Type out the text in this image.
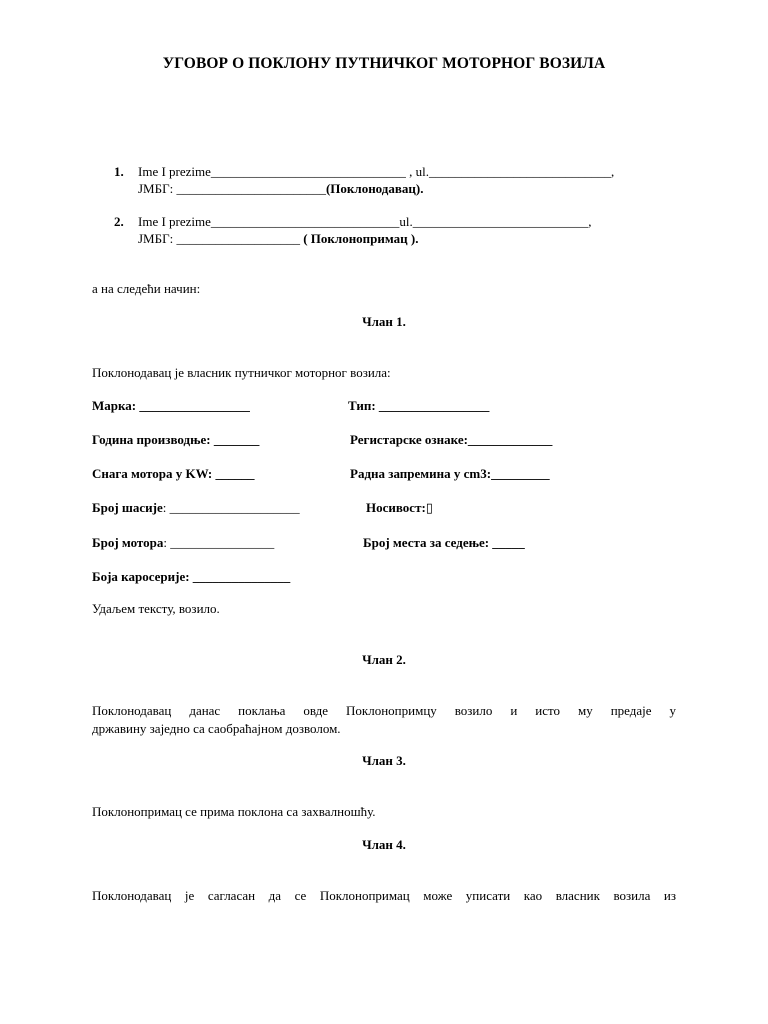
УГОВОР О ПОКЛОНУ ПУТНИЧКОГ МОТОРНОГ ВОЗИЛА
1.	Ime I prezime______________________________ , ul.____________________________,
ЈМБГ: _______________________(Поклонодавац).
2.	Ime I prezime_____________________________ul.___________________________,
ЈМБГ: ___________________ ( Поклонопримац ).
а на следећи начин:
Члан 1.
Поклонодавац је власник путничког моторног возила:
Марка: _________________
Година производње: _______
Снага мотора у KW: ______
Број шасије: ____________________
Број мотора: ________________
Боја каросерије: _______________
Тип: _________________
Регистарске ознаке:_____________
Радна запремина у cm3:_________
Носивост:▯
Број места за седење: _____
Удаљем тексту, возило.
Члан 2.
Поклонодавац данас поклања овде Поклонопримцу возило и исто му предаје у
државину заједно са саобраћајном дозволом.
Члан 3.
Поклонопримац се прима поклона са захвалношћу.
Члан 4.
Поклонодавац је сагласан да се Поклонопримац може уписати као власник возила из
